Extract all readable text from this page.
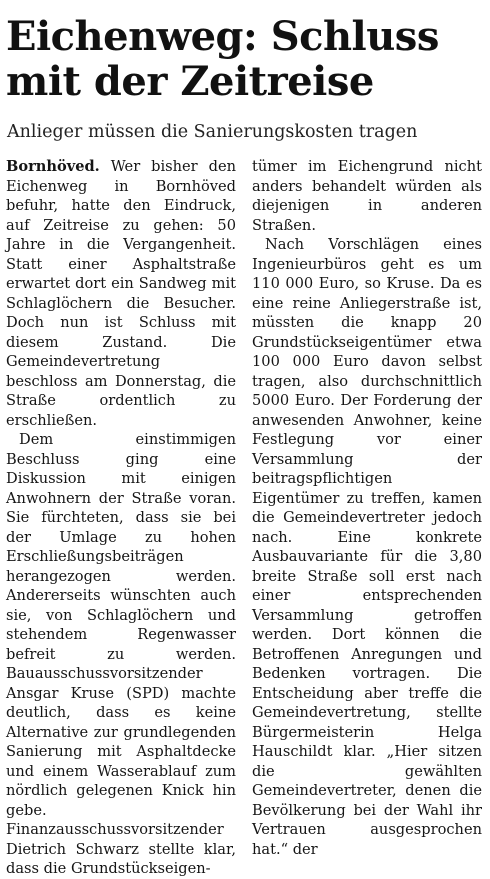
Eichenweg: Schluss mit der Zeitreise
Anlieger müssen die Sanierungskosten tragen

Bornhöved. Wer bisher den Eichenweg in Bornhöved befuhr, hatte den Eindruck, auf Zeitreise zu gehen: 50 Jahre in die Vergangenheit. Statt einer Asphaltstraße erwartet dort ein Sandweg mit Schlaglöchern die Besucher. Doch nun ist Schluss mit diesem Zustand. Die Gemeindevertretung beschloss am Donnerstag, die Straße ordentlich zu erschließen.

Dem einstimmigen Beschluss ging eine Diskussion mit einigen Anwohnern der Straße voran. Sie fürchteten, dass sie bei der Umlage zu hohen Erschließungsbeiträgen herangezogen werden. Andererseits wünschten auch sie, von Schlaglöchern und stehendem Regenwasser befreit zu werden. Bauausschussvorsitzender Ansgar Kruse (SPD) machte deutlich, dass es keine Alternative zur grundlegenden Sanierung mit Asphaltdecke und einem Wasserablauf zum nördlich gelegenen Knick hin gebe. Finanzausschussvorsitzender Dietrich Schwarz stellte klar, dass die Grundstückseigen-

tümer im Eichengrund nicht anders behandelt würden als diejenigen in anderen Straßen.

Nach Vorschlägen eines Ingenieurbüros geht es um 110 000 Euro, so Kruse. Da es eine reine Anliegerstraße ist, müssten die knapp 20 Grundstückseigentümer etwa 100 000 Euro davon selbst tragen, also durchschnittlich 5000 Euro. Der Forderung der anwesenden Anwohner, keine Festlegung vor einer Versammlung der beitragspflichtigen Eigentümer zu treffen, kamen die Gemeindevertreter jedoch nach. Eine konkrete Ausbauvariante für die 3,80 breite Straße soll erst nach einer entsprechenden Versammlung getroffen werden. Dort können die Betroffenen Anregungen und Bedenken vortragen. Die Entscheidung aber treffe die Gemeindevertretung, stellte Bürgermeisterin Helga Hauschildt klar. „Hier sitzen die gewählten Gemeindevertreter, denen die Bevölkerung bei der Wahl ihr Vertrauen ausgesprochen hat.“ der
